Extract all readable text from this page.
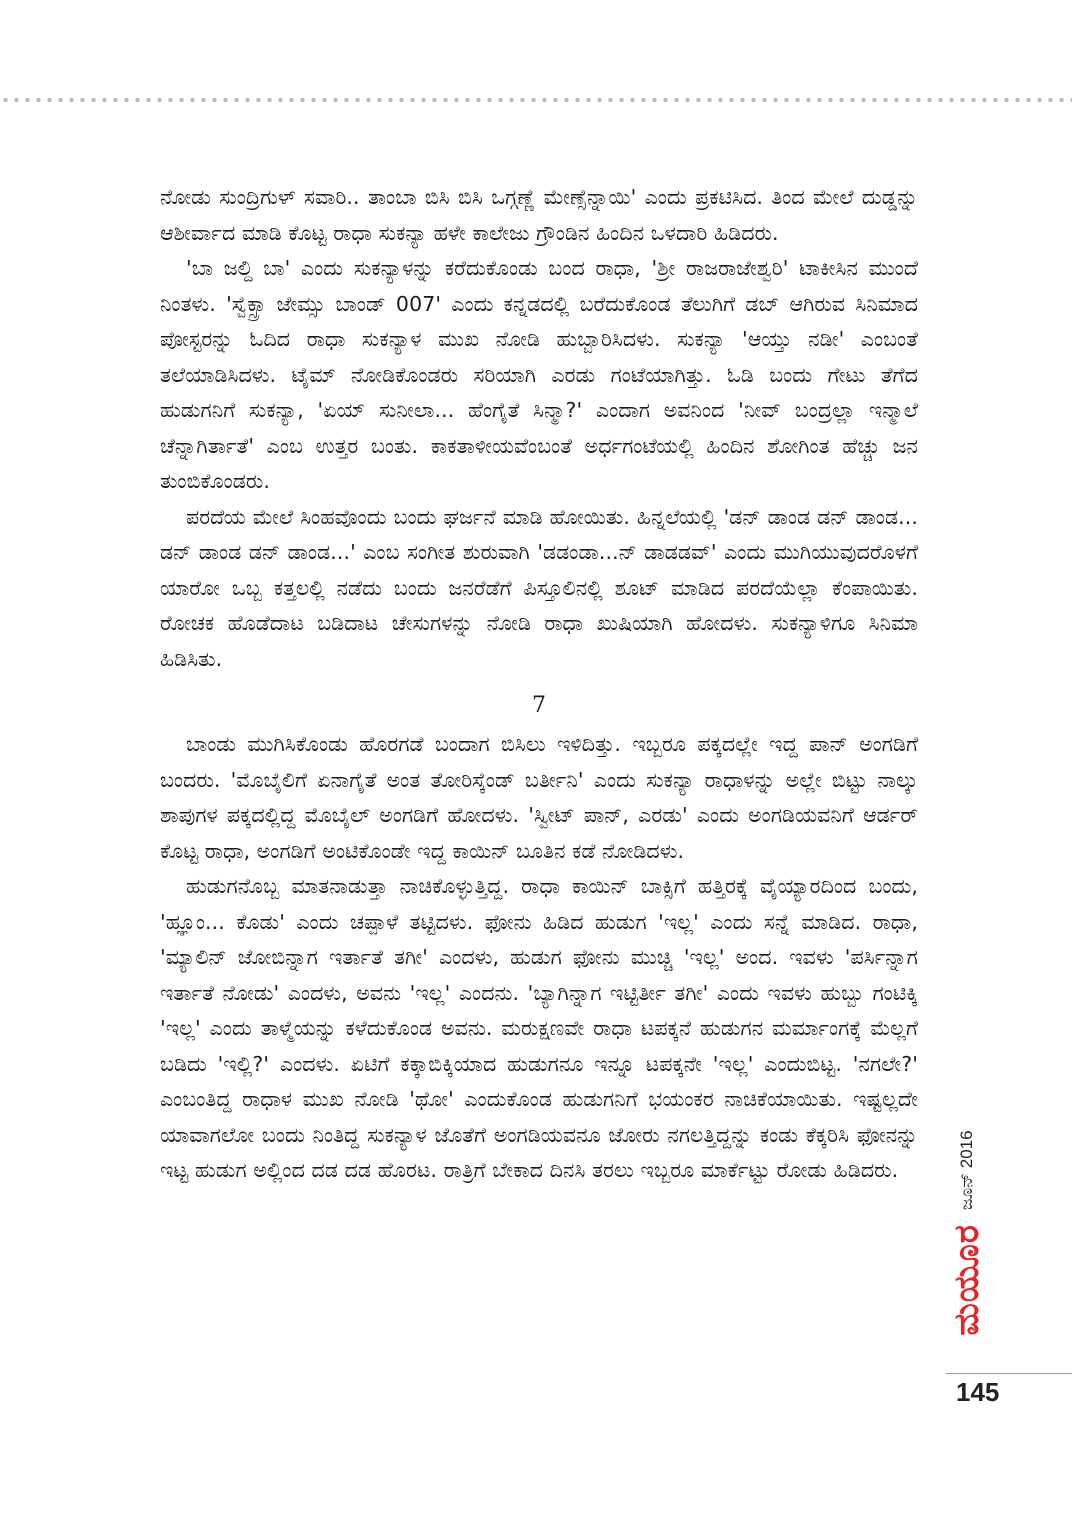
ನೋಡು ಸುಂದ್ರಿಗುಳ್ ಸವಾರಿ.. ತಾಂಬಾ ಬಿಸಿ ಬಿಸಿ ಒಗ್ಗಣ್ಣೆ ಮೇಣ್ಸೆನ್ನಾಯಿ' ಎಂದು ಪ್ರಕಟಿಸಿದ. ತಿಂದ ಮೇಲೆ ದುಡ್ಡನ್ನು ಆಶೀರ್ವಾದ ಮಾಡಿ ಕೊಟ್ಟ ರಾಧಾ ಸುಕನ್ಯಾ ಹಳೇ ಕಾಲೇಜು ಗ್ರೌಂಡಿನ ಹಿಂದಿನ ಒಳದಾರಿ ಹಿಡಿದರು.

'ಬಾ ಜಲ್ದಿ ಬಾ' ಎಂದು ಸುಕನ್ಯಾಳನ್ನು ಕರೆದುಕೊಂಡು ಬಂದ ರಾಧಾ, 'ಶ್ರೀ ರಾಜರಾಜೇಶ್ವರಿ' ಟಾಕೀಸಿನ ಮುಂದೆ ನಿಂತಳು. 'ಸ್ವೆಕ್ಸ್ರಾ ಜೇಮ್ಸು ಬಾಂಡ್ 007' ಎಂದು ಕನ್ನಡದಲ್ಲಿ ಬರೆದುಕೊಂಡ ತೆಲುಗಿಗೆ ಡಬ್ ಆಗಿರುವ ಸಿನಿಮಾದ ಪೋಸ್ಟರನ್ನು ಓದಿದ ರಾಧಾ ಸುಕನ್ಯಾಳ ಮುಖ ನೋಡಿ ಹುಬ್ಬಾರಿಸಿದಳು. ಸುಕನ್ಯಾ 'ಆಯ್ತು ನಡೀ' ಎಂಬಂತೆ ತಲೆಯಾಡಿಸಿದಳು. ಟೈಮ್ ನೋಡಿಕೊಂಡರು ಸರಿಯಾಗಿ ಎರಡು ಗಂಟೆಯಾಗಿತ್ತು. ಓಡಿ ಬಂದು ಗೇಟು ತೆಗೆದ ಹುಡುಗನಿಗೆ ಸುಕನ್ಯಾ, 'ಏಯ್ ಸುನೀಲಾ... ಹೆಂಗೈತೆ ಸಿನ್ಮಾ?' ಎಂದಾಗ ಅವನಿಂದ 'ನೀವ್ ಬಂದ್ರಲ್ಲಾ ಇನ್ಮಾಲೆ ಚೆನ್ನಾಗಿರ್ತಾತೆ' ಎಂಬ ಉತ್ತರ ಬಂತು. ಕಾಕತಾಳೀಯವೆಂಬಂತೆ ಅರ್ಧಗಂಟೆಯಲ್ಲಿ ಹಿಂದಿನ ಶೋಗಿಂತ ಹೆಚ್ಚು ಜನ ತುಂಬಿಕೊಂಡರು.

ಪರದೆಯ ಮೇಲೆ ಸಿಂಹವೊಂದು ಬಂದು ಘರ್ಜನೆ ಮಾಡಿ ಹೋಯಿತು. ಹಿನ್ನಲೆಯಲ್ಲಿ 'ಡನ್ ಡಾಂಡ ಡನ್ ಡಾಂಡ... ಡನ್ ಡಾಂಡ ಡನ್ ಡಾಂಡ...' ಎಂಬ ಸಂಗೀತ ಶುರುವಾಗಿ 'ಡಡಂಡಾ...ನ್ ಡಾಡಡವ್' ಎಂದು ಮುಗಿಯುವುದರೊಳಗೆ ಯಾರೋ ಒಬ್ಬ ಕತ್ತಲಲ್ಲಿ ನಡೆದು ಬಂದು ಜನರೆಡೆಗೆ ಪಿಸ್ತೂಲಿನಲ್ಲಿ ಶೂಟ್ ಮಾಡಿದ ಪರದೆಯೆಲ್ಲಾ ಕೆಂಪಾಯಿತು. ರೋಚಕ ಹೊಡೆದಾಟ ಬಡಿದಾಟ ಚೇಸುಗಳನ್ನು ನೋಡಿ ರಾಧಾ ಖುಷಿಯಾಗಿ ಹೋದಳು. ಸುಕನ್ಯಾಳಿಗೂ ಸಿನಿಮಾ ಹಿಡಿಸಿತು.

7

ಬಾಂಡು ಮುಗಿಸಿಕೊಂಡು ಹೊರಗಡೆ ಬಂದಾಗ ಬಿಸಿಲು ಇಳಿದಿತ್ತು. ಇಬ್ಬರೂ ಪಕ್ಕದಲ್ಲೇ ಇದ್ದ ಪಾನ್ ಅಂಗಡಿಗೆ ಬಂದರು. 'ಮೊಬೈಲಿಗೆ ಏನಾಗೈತೆ ಅಂತ ತೋರಿಸ್ಕೆಂಡ್ ಬರ್ತೀನಿ' ಎಂದು ಸುಕನ್ಯಾ ರಾಧಾಳನ್ನು ಅಲ್ಲೇ ಬಿಟ್ಟು ನಾಲ್ಕು ಶಾಪುಗಳ ಪಕ್ಕದಲ್ಲಿದ್ದ ಮೊಬೈಲ್ ಅಂಗಡಿಗೆ ಹೋದಳು. 'ಸ್ವೀಟ್ ಪಾನ್, ಎರಡು' ಎಂದು ಅಂಗಡಿಯವನಿಗೆ ಆರ್ಡರ್ ಕೊಟ್ಟ ರಾಧಾ, ಅಂಗಡಿಗೆ ಅಂಟಿಕೊಂಡೇ ಇದ್ದ ಕಾಯಿನ್ ಬೂತಿನ ಕಡೆ ನೋಡಿದಳು.

ಹುಡುಗನೊಬ್ಬ ಮಾತನಾಡುತ್ತಾ ನಾಚಿಕೊಳ್ಳುತ್ತಿದ್ದ. ರಾಧಾ ಕಾಯಿನ್ ಬಾಕ್ಸಿಗೆ ಹತ್ತಿರಕ್ಕೆ ವೈಯ್ಯಾರದಿಂದ ಬಂದು, 'ಹ್ಞೂಂ... ಕೊಡು' ಎಂದು ಚಪ್ಪಾಳೆ ತಟ್ಟಿದಳು. ಫೋನು ಹಿಡಿದ ಹುಡುಗ 'ಇಲ್ಲ' ಎಂದು ಸನ್ನೆ ಮಾಡಿದ. ರಾಧಾ, 'ಮ್ಯಾಲಿನ್ ಜೋಬಿನ್ನಾಗ ಇರ್ತಾತೆ ತಗೀ' ಎಂದಳು, ಹುಡುಗ ಫೋನು ಮುಚ್ಚಿ 'ಇಲ್ಲ' ಅಂದ. ಇವಳು 'ಪರ್ಸಿನ್ನಾಗ ಇರ್ತಾತೆ ನೋಡು' ಎಂದಳು, ಅವನು 'ಇಲ್ಲ' ಎಂದನು. 'ಬ್ಯಾಗಿನ್ನಾಗ ಇಟ್ಟಿರ್ತೀ ತಗೀ' ಎಂದು ಇವಳು ಹುಬ್ಬು ಗಂಟಿಕ್ಕಿ 'ಇಲ್ಲ' ಎಂದು ತಾಳ್ಮೆಯನ್ನು ಕಳೆದುಕೊಂಡ ಅವನು. ಮರುಕ್ಷಣವೇ ರಾಧಾ ಟಪಕ್ಕನೆ ಹುಡುಗನ ಮರ್ಮಾಂಗಕ್ಕೆ ಮೆಲ್ಲಗೆ ಬಡಿದು 'ಇಲ್ಲಿ?' ಎಂದಳು. ಏಟಿಗೆ ಕಕ್ಕಾಬಿಕ್ಕಿಯಾದ ಹುಡುಗನೂ ಇನ್ನೂ ಟಪಕ್ಕನೇ 'ಇಲ್ಲ' ಎಂದುಬಿಟ್ಟ. 'ನಗಲೇ?' ಎಂಬಂತಿದ್ದ ರಾಧಾಳ ಮುಖ ನೋಡಿ 'ಥೋ' ಎಂದುಕೊಂಡ ಹುಡುಗನಿಗೆ ಭಯಂಕರ ನಾಚಿಕೆಯಾಯಿತು. ಇಷ್ಟಲ್ಲದೇ ಯಾವಾಗಲೋ ಬಂದು ನಿಂತಿದ್ದ ಸುಕನ್ಯಾಳ ಜೊತೆಗೆ ಅಂಗಡಿಯವನೂ ಜೋರು ನಗಲತ್ತಿದ್ದನ್ನು ಕಂಡು ಕೆಕ್ಕರಿಸಿ ಫೋನನ್ನು ಇಟ್ಟ ಹುಡುಗ ಅಲ್ಲಿಂದ ದಡ ದಡ ಹೊರಟ. ರಾತ್ರಿಗೆ ಬೇಕಾದ ದಿನಸಿ ತರಲು ಇಬ್ಬರೂ ಮಾರ್ಕೆಟ್ಟು ರೋಡು ಹಿಡಿದರು.

ಮಯೂರ
ಜೂನ್ 2016
145
